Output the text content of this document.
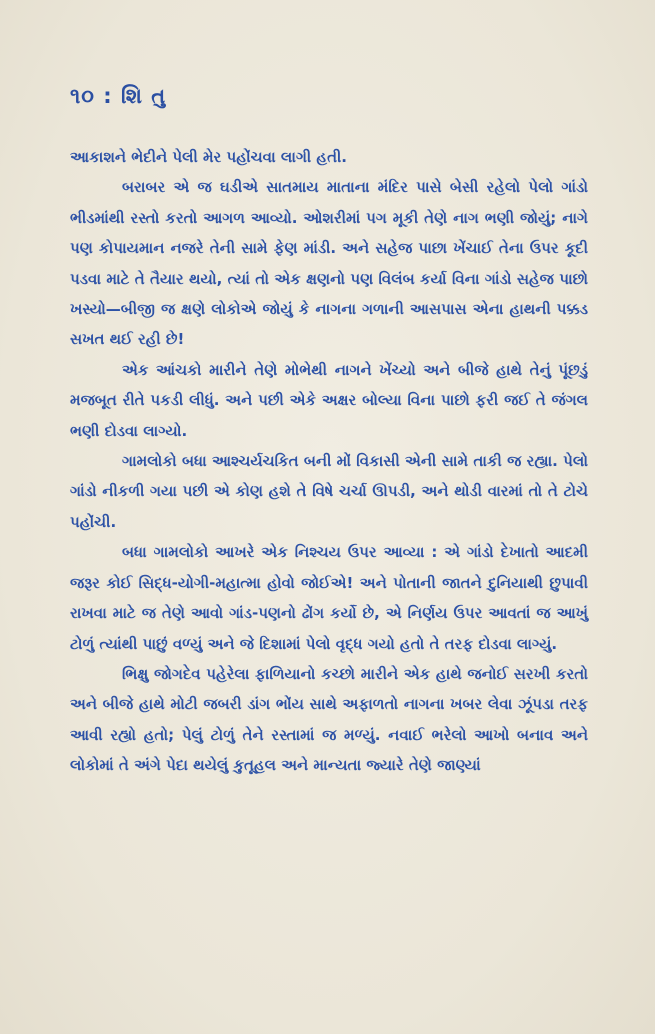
૧૦ : શિ તુ

આકાશને ભેદીને પેલી મેર પહોંચવા લાગી હતી.

બરાબર એ જ ઘડીએ સાતમાય માતાના મંદિર પાસે બેસી રહેલો પેલો ગાંડો ભીડમાંથી રસ્તો કરતો આગળ આવ્યો. ઓશરીમાં પગ મૂકી તેણે નાગ ભણી જોયું; નાગે પણ કોપાયમાન નજરે તેની સામે ફેણ માંડી. અને સહેજ પાછા ખેંચાઈ તેના ઉપર કૂદી પડવા માટે તે તૈયાર થયો, ત્યાં તો એક ક્ષણનો પણ વિલંબ કર્યા વિના ગાંડો સહેજ પાછો ખસ્યો—બીજી જ ક્ષણે લોકોએ જોયું કે નાગના ગળાની આસપાસ એના હાથની પક્કડ સખત થઈ રહી છે!

એક આંચકો મારીને તેણે મોભેથી નાગને ખેંચ્યો અને બીજે હાથે તેનું પૂંછડું મજબૂત રીતે પકડી લીધું. અને પછી એકે અક્ષર બોલ્યા વિના પાછો ફરી જઈ તે જંગલ ભણી દોડવા લાગ્યો.

ગામલોકો બધા આશ્ચર્યચકિત બની મોં વિકાસી એની સામે તાકી જ રહ્યા. પેલો ગાંડો નીકળી ગયા પછી એ કોણ હશે તે વિષે ચર્ચા ઊપડી, અને થોડી વારમાં તો તે ટોચે પહોંચી.

બધા ગામલોકો આખરે એક નિશ્ચય ઉપર આવ્યા : એ ગાંડો દેખાતો આદમી જરૂર કોઈ સિદ્ધ-યોગી-મહાત્મા હોવો જોઈએ! અને પોતાની જાતને દુનિયાથી છુપાવી રાખવા માટે જ તેણે આવો ગાંડ-પણનો ઢોંગ કર્યો છે, એ નિર્ણય ઉપર આવતાં જ આખું ટોળું ત્યાંથી પાછું વળ્યું અને જે દિશામાં પેલો વૃદ્ધ ગયો હતો તે તરફ દોડવા લાગ્યું.

ભિક્ષુ જોગદેવ પહેરેલા ફાળિયાનો કચ્છો મારીને એક હાથે જનોઈ સરખી કરતો અને બીજે હાથે મોટી જબરી ડાંગ ભોંય સાથે અફાળતો નાગના ખબર લેવા ઝૂંપડા તરફ આવી રહ્યો હતો; પેલું ટોળું તેને રસ્તામાં જ મળ્યું. નવાઈ ભરેલો આખો બનાવ અને લોકોમાં તે અંગે પેદા થયેલું કુતૂહલ અને માન્યતા જ્યારે તેણે જાણ્યાં
